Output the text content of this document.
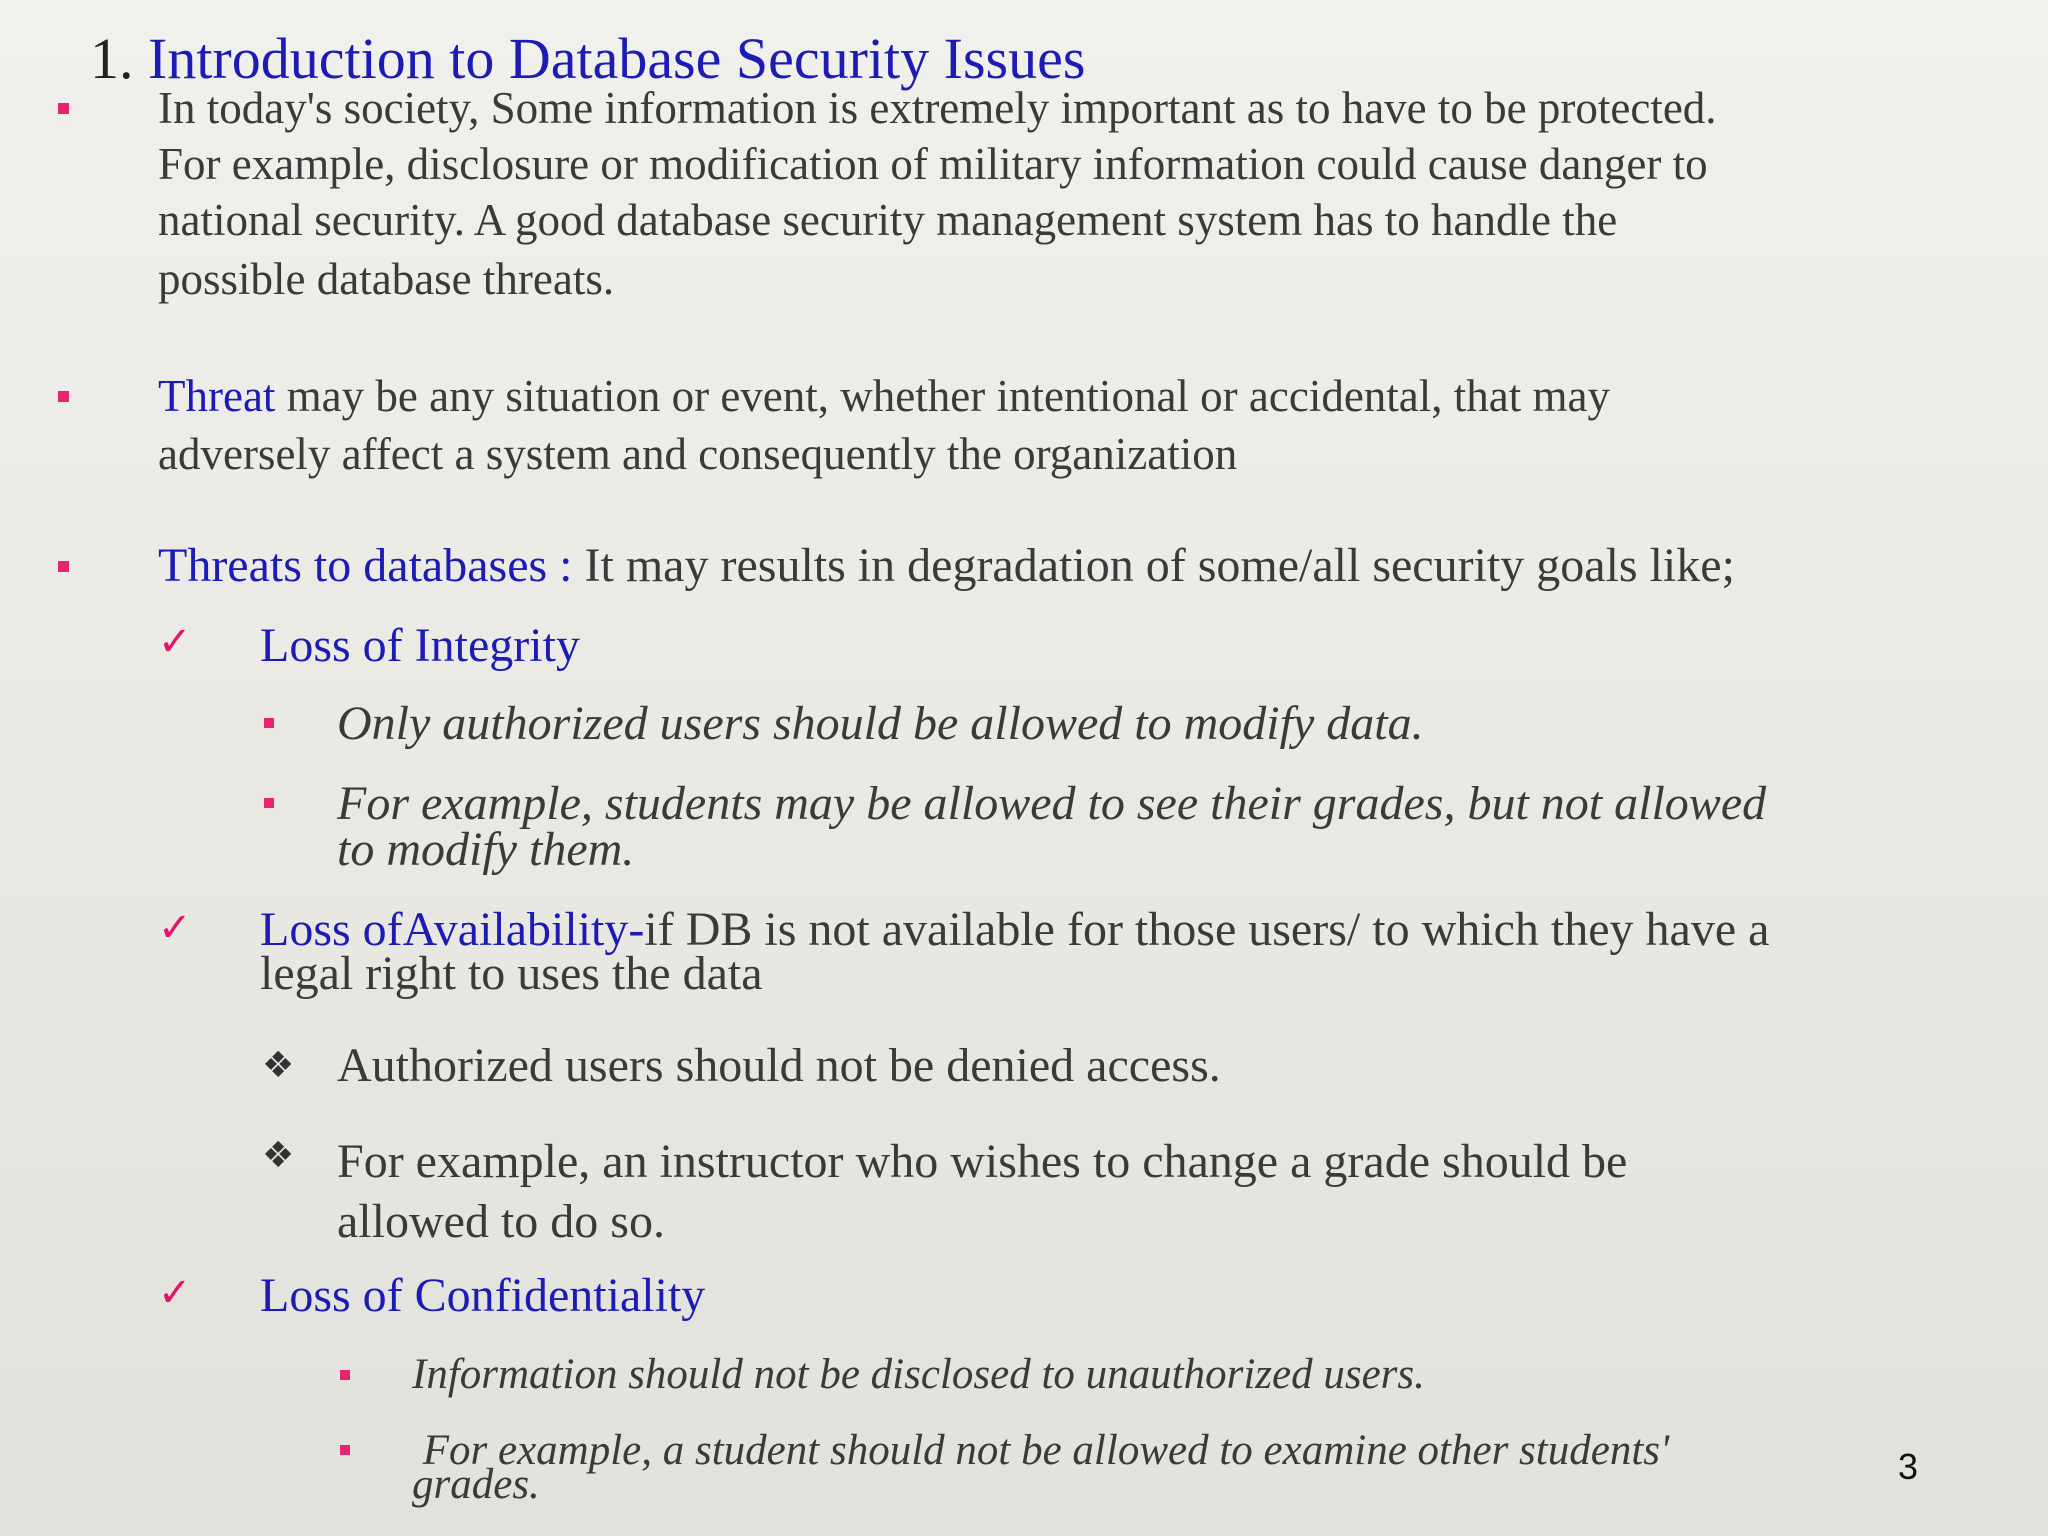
1. Introduction to Database Security Issues
In today's society, Some information is extremely important as to have to be protected.
For example, disclosure or modification of military information could cause danger to
national security. A good database security management system has to handle the
possible database threats.
Threat may be any situation or event, whether intentional or accidental, that may
adversely affect a system and consequently the organization
Threats to databases : It may results in degradation of some/all security goals like;
✓ Loss of Integrity
Only authorized users should be allowed to modify data.
For example, students may be allowed to see their grades, but not allowed
to modify them.
✓ Loss ofAvailability-if DB is not available for those users/ to which they have a
legal right to uses the data
❖ Authorized users should not be denied access.
❖ For example, an instructor who wishes to change a grade should be
allowed to do so.
✓ Loss of Confidentiality
Information should not be disclosed to unauthorized users.
For example, a student should not be allowed to examine other students'
grades.	3
